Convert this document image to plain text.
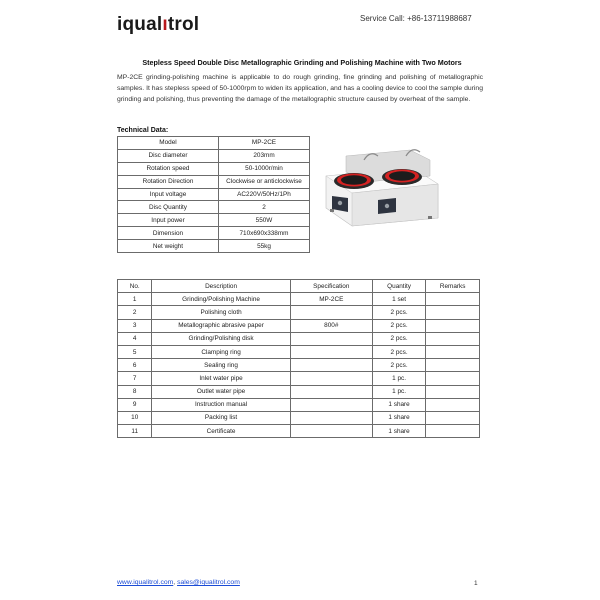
iqualıtrol	Service Call: +86-13711988687
Stepless Speed Double Disc Metallographic Grinding and Polishing Machine with Two Motors
MP-2CE grinding-polishing machine is applicable to do rough grinding, fine grinding and polishing of metallographic samples. It has stepless speed of 50-1000rpm to widen its application, and has a cooling device to cool the sample during grinding and polishing, thus preventing the damage of the metallographic structure caused by overheat of the sample.
Technical Data:
Model	MP-2CE
Disc diameter	203mm
Rotation speed	50-1000r/min
Rotation Direction	Clockwise or anticlockwise
Input voltage	AC220V/50Hz/1Ph
Disc Quantity	2
Input power	550W
Dimension	710x690x338mm
Net weight	55kg
No.	Description	Specification	Quantity	Remarks
1	Grinding/Polishing Machine	MP-2CE	1 set	
2	Polishing cloth		2 pcs.	
3	Metallographic abrasive paper	800#	2 pcs.	
4	Grinding/Polishing disk		2 pcs.	
5	Clamping ring		2 pcs.	
6	Sealing ring		2 pcs.	
7	Inlet water pipe		1 pc.	
8	Outlet water pipe		1 pc.	
9	Instruction manual		1 share	
10	Packing list		1 share	
11	Certificate		1 share	
www.iqualitrol.com, sales@iqualitrol.com	1
